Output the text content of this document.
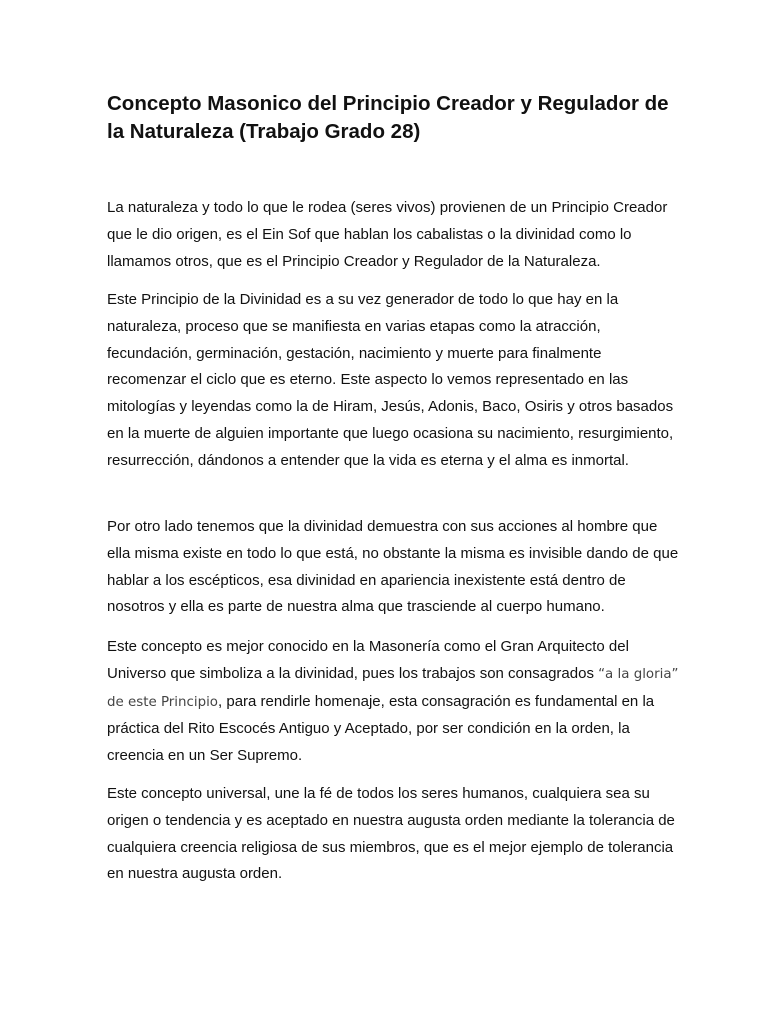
Concepto Masonico del Principio Creador y Regulador de la Naturaleza (Trabajo Grado 28)

La naturaleza y todo lo que le rodea (seres vivos) provienen de un Principio Creador que le dio origen, es el Ein Sof que hablan los cabalistas o la divinidad como lo llamamos otros, que es el Principio Creador y Regulador de la Naturaleza.

Este Principio de la Divinidad es a su vez generador de todo lo que hay en la naturaleza, proceso que se manifiesta en varias etapas como la atracción, fecundación, germinación, gestación, nacimiento y muerte para finalmente recomenzar el ciclo que es eterno. Este aspecto lo vemos representado en las mitologías y leyendas como la de Hiram, Jesús, Adonis, Baco, Osiris y otros basados en la muerte de alguien importante que luego ocasiona su nacimiento, resurgimiento, resurrección, dándonos a entender que la vida es eterna y el alma es inmortal.

Por otro lado tenemos que la divinidad demuestra con sus acciones al hombre que ella misma existe en todo lo que está, no obstante la misma es invisible dando de que hablar a los escépticos, esa divinidad en apariencia inexistente está dentro de nosotros y ella es parte de nuestra alma que trasciende al cuerpo humano.

Este concepto es mejor conocido en la Masonería como el Gran Arquitecto del Universo que simboliza a la divinidad, pues los trabajos son consagrados “a la gloria” de este Principio, para rendirle homenaje, esta consagración es fundamental en la práctica del Rito Escocés Antiguo y Aceptado, por ser condición en la orden, la creencia en un Ser Supremo.

Este concepto universal, une la fé de todos los seres humanos, cualquiera sea su origen o tendencia y es aceptado en nuestra augusta orden mediante la tolerancia de cualquiera creencia religiosa de sus miembros, que es el mejor ejemplo de tolerancia en nuestra augusta orden.
